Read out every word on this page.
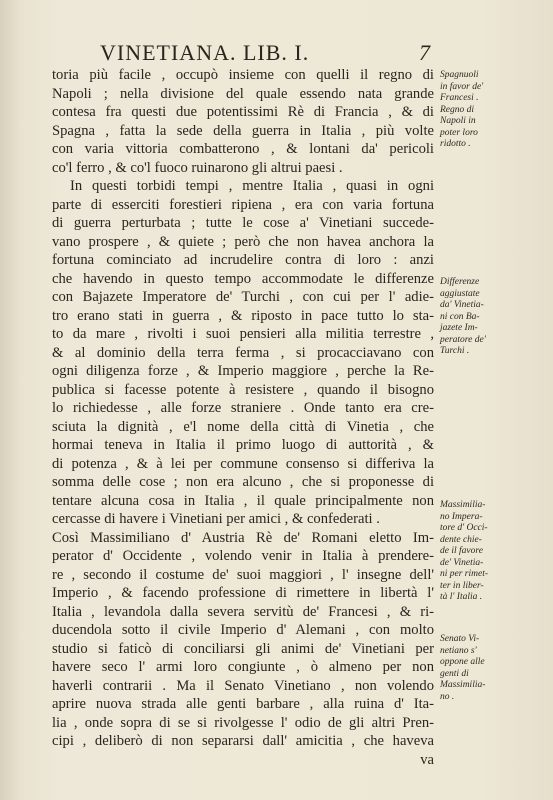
VINETIANA. LIB. I.	7
toria più facile , occupò insieme con quelli il regno di
Napoli ; nella divisione del quale essendo nata grande
contesa fra questi due potentissimi Rè di Francia , & di
Spagna , fatta la sede della guerra in Italia , più volte
con varia vittoria combatterono , & lontani da' pericoli
co'l ferro , & co'l fuoco ruinarono gli altrui paesi .
In questi torbidi tempi , mentre Italia , quasi in ogni
parte di esserciti forestieri ripiena , era con varia fortuna
di guerra perturbata ; tutte le cose a' Vinetiani succede-
vano prospere , & quiete ; però che non havea anchora la
fortuna cominciato ad incrudelire contra di loro : anzi
che havendo in questo tempo accommodate le differenze
con Bajazete Imperatore de' Turchi , con cui per l' adie-
tro erano stati in guerra , & riposto in pace tutto lo sta-
to da mare , rivolti i suoi pensieri alla militia terrestre ,
& al dominio della terra ferma , si procacciavano con
ogni diligenza forze , & Imperio maggiore , perche la Re-
publica si facesse potente à resistere , quando il bisogno
lo richiedesse , alle forze straniere . Onde tanto era cre-
sciuta la dignità , e'l nome della città di Vinetia , che
hormai teneva in Italia il primo luogo di auttorità , &
di potenza , & à lei per commune consenso si differiva la
somma delle cose ; non era alcuno , che si proponesse di
tentare alcuna cosa in Italia , il quale principalmente non
cercasse di havere i Vinetiani per amici , & confederati .
Così Massimiliano d' Austria Rè de' Romani eletto Im-
perator d' Occidente , volendo venir in Italia à prendere-
re , secondo il costume de' suoi maggiori , l' insegne dell'
Imperio , & facendo professione di rimettere in libertà l'
Italia , levandola dalla severa servitù de' Francesi , & ri-
ducendola sotto il civile Imperio d' Alemani , con molto
studio si faticò di conciliarsi gli animi de' Vinetiani per
havere seco l' armi loro congiunte , ò almeno per non
haverli contrarii . Ma il Senato Vinetiano , non volendo
aprire nuova strada alle genti barbare , alla ruina d' Ita-
lia , onde sopra di se si rivolgesse l' odio de gli altri Pren-
cipi , deliberò di non separarsi dall' amicitia , che haveva
va
Spagnuoli
in favor de'
Francesi .
Regno di
Napoli in
poter loro
ridotto .
Differenze
aggiustate
da' Vinetia-
ni con Ba-
jazete Im-
peratore de'
Turchi .
Massimilia-
no Impera-
tore d' Occi-
dente chie-
de il favore
de' Vinetia-
ni per rimet-
ter in liber-
tà l' Italia .
Senato Vi-
netiano s'
oppone alle
genti di
Massimilia-
no .
